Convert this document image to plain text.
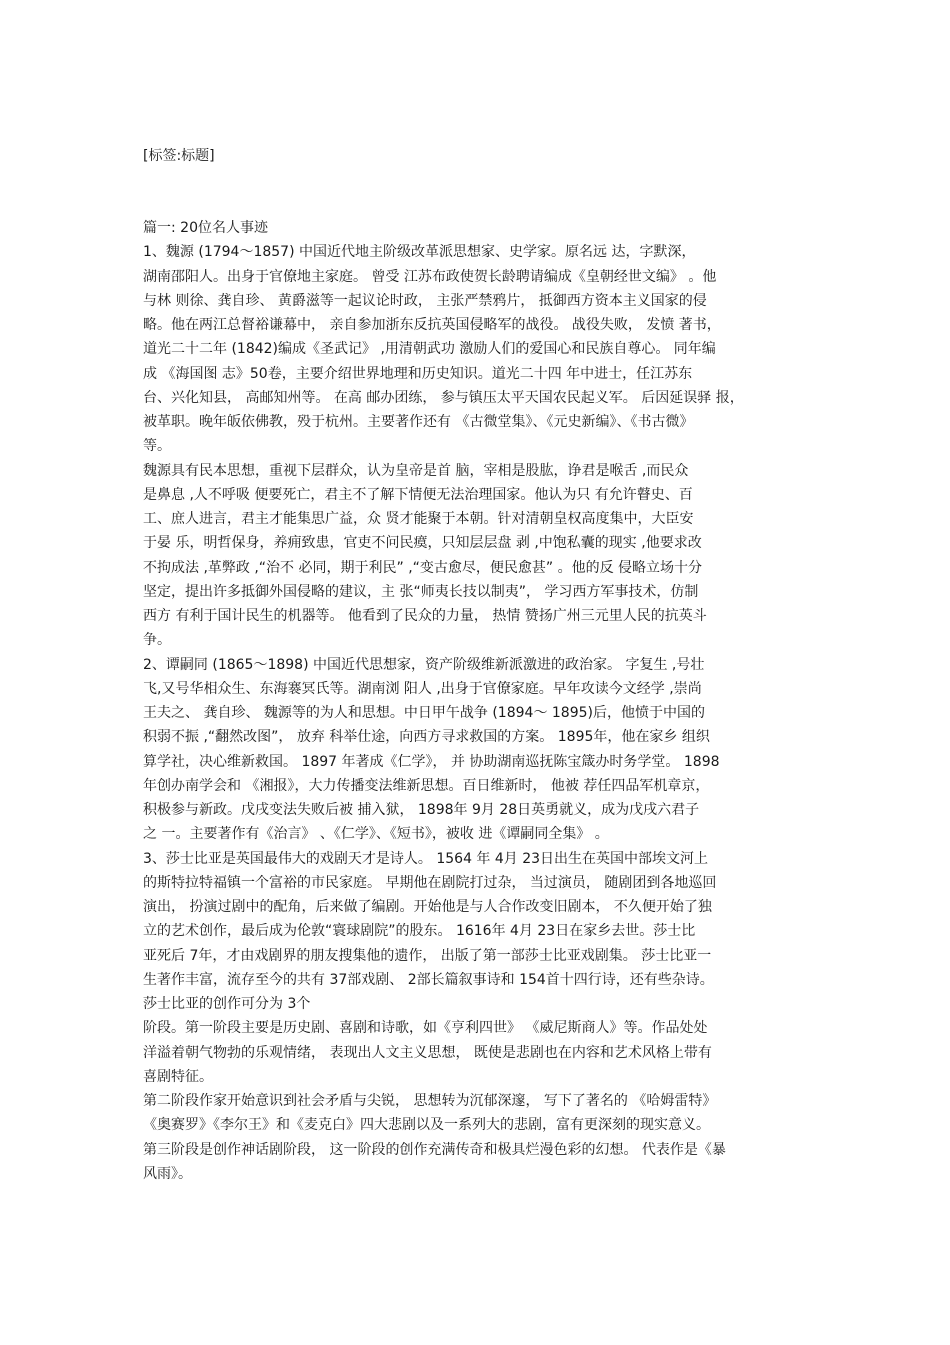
[标签:标题]
篇一: 20位名人事迹
1、魏源 (1794～1857) 中国近代地主阶级改革派思想家、史学家。原名远 达，字默深，
湖南邵阳人。出身于官僚地主家庭。 曾受 江苏布政使贺长龄聘请编成《皇朝经世文编》 。他
与林 则徐、龚自珍、 黄爵滋等一起议论时政， 主张严禁鸦片， 抵御西方资本主义国家的侵
略。他在两江总督裕谦幕中， 亲自参加浙东反抗英国侵略军的战役。 战役失败， 发愤 著书，
道光二十二年 (1842)编成《圣武记》 ,用清朝武功 激励人们的爱国心和民族自尊心。 同年编
成 《海国图 志》50卷，主要介绍世界地理和历史知识。道光二十四 年中进士，任江苏东
台、兴化知县， 高邮知州等。 在高 邮办团练， 参与镇压太平天国农民起义军。 后因延误驿 报，
被革职。晚年皈依佛教，殁于杭州。主要著作还有 《古微堂集》、《元史新编》、《书古微》
等。
魏源具有民本思想，重视下层群众，认为皇帝是首 脑，宰相是股肱，诤君是喉舌 ,而民众
是鼻息 ,人不呼吸 便要死亡，君主不了解下情便无法治理国家。他认为只 有允许瞽史、百
工、庶人进言，君主才能集思广益，众 贤才能聚于本朝。针对清朝皇权高度集中，大臣安
于晏 乐，明哲保身，养痈致患，官吏不问民瘼，只知层层盘 剥 ,中饱私囊的现实 ,他要求改
不拘成法 ,革弊政 ,“治不 必同，期于利民” ,“变古愈尽，便民愈甚” 。他的反 侵略立场十分
坚定，提出许多抵御外国侵略的建议，主 张“师夷长技以制夷”， 学习西方军事技术，仿制
西方 有利于国计民生的机器等。 他看到了民众的力量， 热情 赞扬广州三元里人民的抗英斗
争。
2、谭嗣同 (1865～1898) 中国近代思想家，资产阶级维新派激进的政治家。 字复生 ,号壮
飞,又号华相众生、东海褰冥氏等。湖南浏 阳人 ,出身于官僚家庭。早年攻读今文经学 ,崇尚
王夫之、 龚自珍、 魏源等的为人和思想。中日甲午战争 (1894～ 1895)后，他愤于中国的
积弱不振 ,“翻然改图”， 放弃 科举仕途，向西方寻求救国的方案。 1895年，他在家乡 组织
算学社，决心维新救国。 1897 年著成《仁学》， 并 协助湖南巡抚陈宝箴办时务学堂。 1898
年创办南学会和 《湘报》，大力传播变法维新思想。百日维新时， 他被 荐任四品军机章京，
积极参与新政。戊戌变法失败后被 捕入狱， 1898年 9月 28日英勇就义，成为戊戌六君子
之 一。主要著作有《治言》 、《仁学》、《短书》，被收 进《谭嗣同全集》 。
3、莎士比亚是英国最伟大的戏剧天才是诗人。 1564 年 4月 23日出生在英国中部埃文河上
的斯特拉特福镇一个富裕的市民家庭。 早期他在剧院打过杂， 当过演员， 随剧团到各地巡回
演出， 扮演过剧中的配角，后来做了编剧。开始他是与人合作改变旧剧本， 不久便开始了独
立的艺术创作，最后成为伦敦“寰球剧院”的股东。 1616年 4月 23日在家乡去世。莎士比
亚死后 7年，才由戏剧界的朋友搜集他的遗作， 出版了第一部莎士比亚戏剧集。 莎士比亚一
生著作丰富，流存至今的共有 37部戏剧、 2部长篇叙事诗和 154首十四行诗，还有些杂诗。
莎士比亚的创作可分为 3个
阶段。第一阶段主要是历史剧、喜剧和诗歌，如《亨利四世》 《威尼斯商人》等。作品处处
洋溢着朝气物勃的乐观情绪， 表现出人文主义思想， 既使是悲剧也在内容和艺术风格上带有
喜剧特征。
第二阶段作家开始意识到社会矛盾与尖锐， 思想转为沉郁深邃， 写下了著名的 《哈姆雷特》
《奥赛罗》《李尔王》和《麦克白》四大悲剧以及一系列大的悲剧，富有更深刻的现实意义。
第三阶段是创作神话剧阶段， 这一阶段的创作充满传奇和极具烂漫色彩的幻想。 代表作是《暴
风雨》。
